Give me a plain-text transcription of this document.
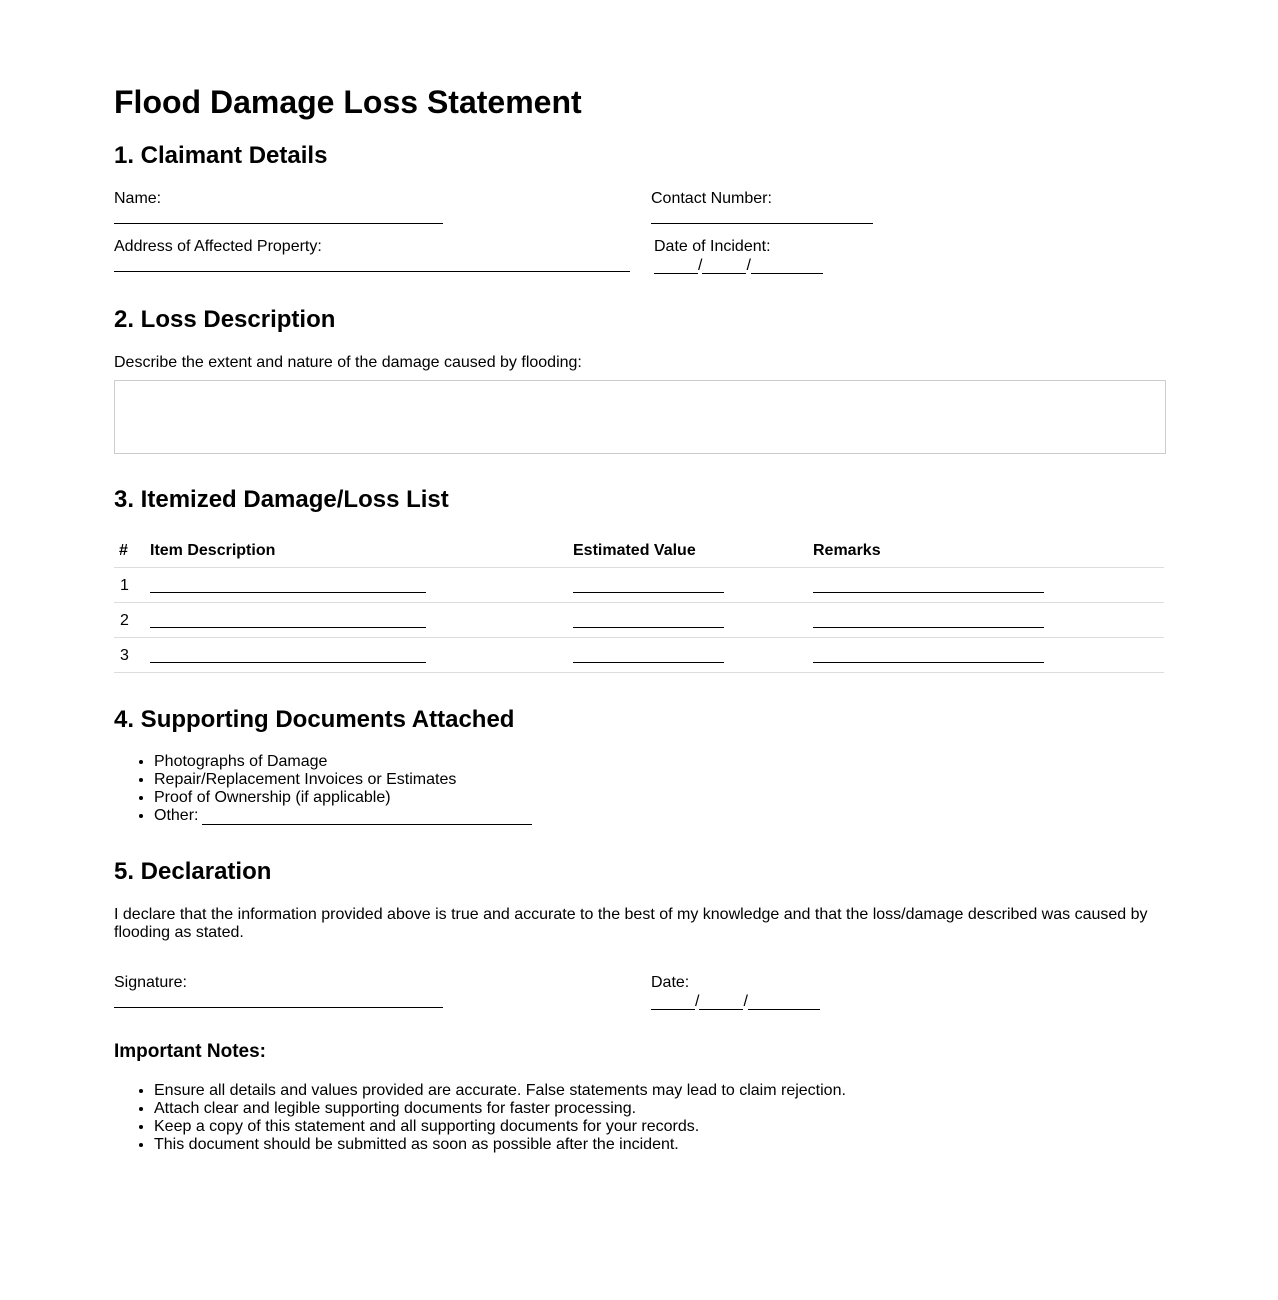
Flood Damage Loss Statement
1. Claimant Details
Name:	Contact Number:
Address of Affected Property:	Date of Incident:
/	/
2. Loss Description
Describe the extent and nature of the damage caused by flooding:
3. Itemized Damage/Loss List
# Item Description	Estimated Value	Remarks
1
2
3
4. Supporting Documents Attached
• Photographs of Damage
• Repair/Replacement Invoices or Estimates
• Proof of Ownership (if applicable)
• Other:
5. Declaration
I declare that the information provided above is true and accurate to the best of my knowledge and that the loss/damage described was caused by flooding as stated.
Signature:	Date:
/	/
Important Notes:
• Ensure all details and values provided are accurate. False statements may lead to claim rejection.
• Attach clear and legible supporting documents for faster processing.
• Keep a copy of this statement and all supporting documents for your records.
• This document should be submitted as soon as possible after the incident.
